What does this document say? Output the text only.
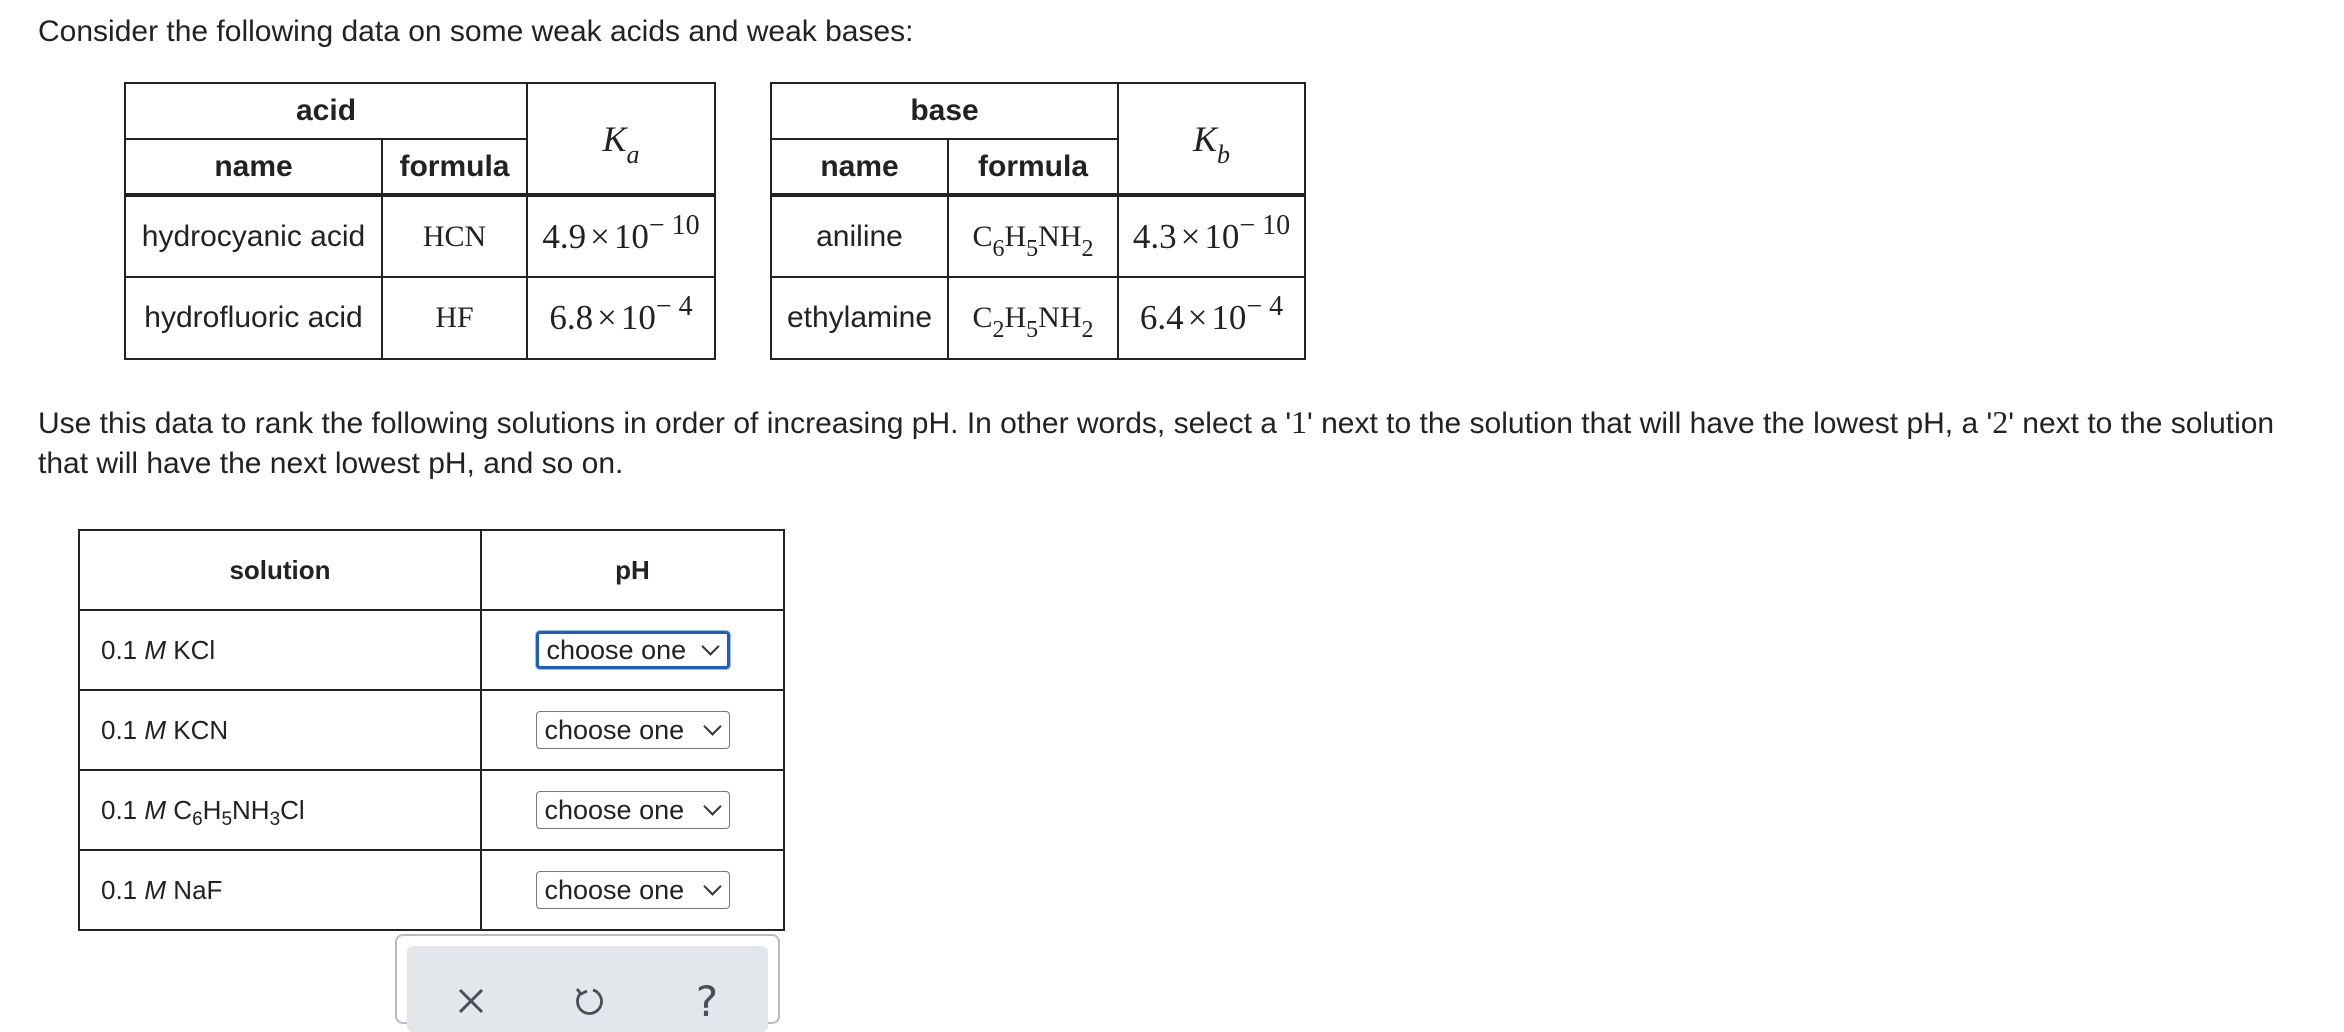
Consider the following data on some weak acids and weak bases:
acid		$K_a$
name	formula	
hydrocyanic acid	HCN	$4.9 \times 10^{- 10}$
hydrofluoric acid	HF	$6.8 \times 10^{- 4}$
base		$K_b$
name	formula	
aniline	$C_6H_5NH_2$	$4.3 \times 10^{- 10}$
ethylamine	$C_2H_5NH_2$	$6.4 \times 10^{- 4}$
Use this data to rank the following solutions in order of increasing pH. In other words, select a '1' next to the solution that will have the lowest pH, a '2' next to the solution that will have the next lowest pH, and so on.
solution	pH
0.1 M KCl	choose one

0.1 M KCN	choose one

0.1 M $C_6H_5NH_3Cl$	choose one

0.1 M NaF	choose one
?
